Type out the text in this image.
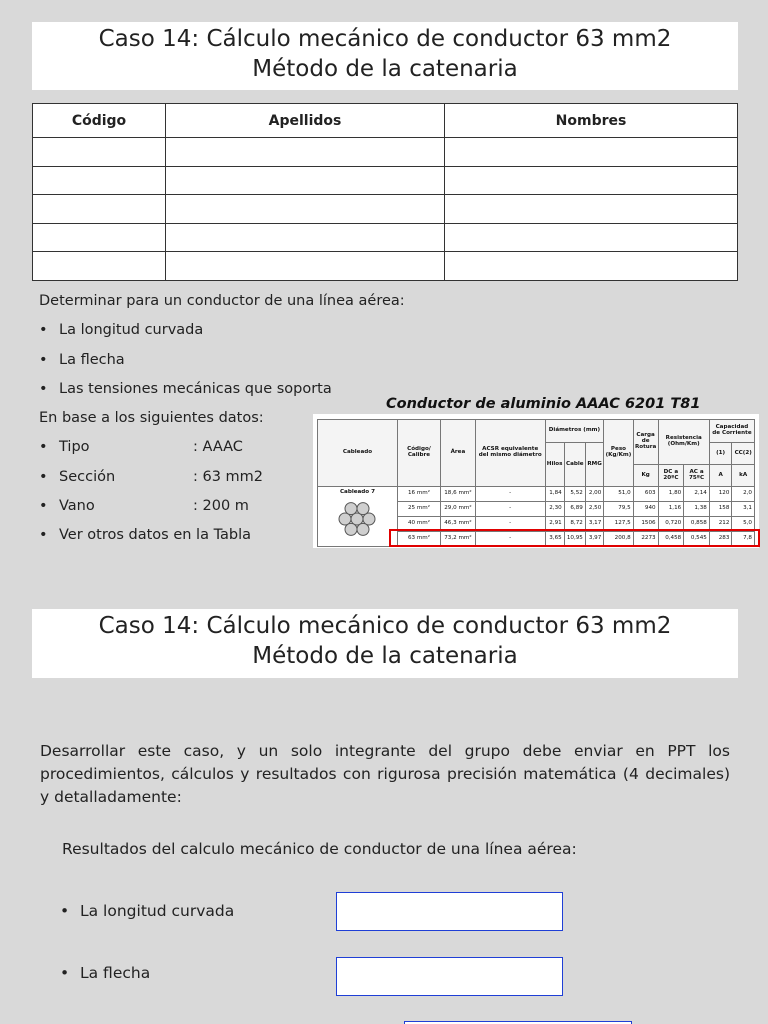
Caso 14: Cálculo mecánico de conductor 63 mm2
Método de la catenaria
Código	Apellidos	Nombres

Determinar para un conductor de una línea aérea:
• La longitud curvada
• La flecha
• Las tensiones mecánicas que soporta
En base a los siguientes datos:
• Tipo	: AAAC
• Sección	: 63 mm2
• Vano	: 200 m
• Ver otros datos en la Tabla
Conductor de aluminio AAAC 6201 T81
Cableado	Código/ Calibre	Área	ACSR equivalente del mismo diámetro	Diámetros (mm)			Peso (Kg/Km)	Carga de Rotura	Resistencia (Ohm/Km)		Capacidad de Corriente	
				Hilos	Cable	RMG					(1)	CC(2)
								Kg	DC a 20ºC	AC a 75ºC	A	kA

Cableado 7	16 mm²	18,6 mm²	-	1,84	5,52	2,00	51,0	603	1,80	2,14	120	2,0
	25 mm²	29,0 mm²	-	2,30	6,89	2,50	79,5	940	1,16	1,38	158	3,1
	40 mm²	46,3 mm²	-	2,91	8,72	3,17	127,5	1506	0,720	0,858	212	5,0
	63 mm²	73,2 mm²	-	3,65	10,95	3,97	200,8	2273	0,458	0,545	283	7,8
Caso 14: Cálculo mecánico de conductor 63 mm2
Método de la catenaria
Desarrollar este caso, y un solo integrante del grupo debe enviar en PPT los procedimientos, cálculos y resultados con rigurosa precisión matemática (4 decimales) y detalladamente:
Resultados del calculo mecánico de conductor de una línea aérea:
• La longitud curvada
• La flecha
